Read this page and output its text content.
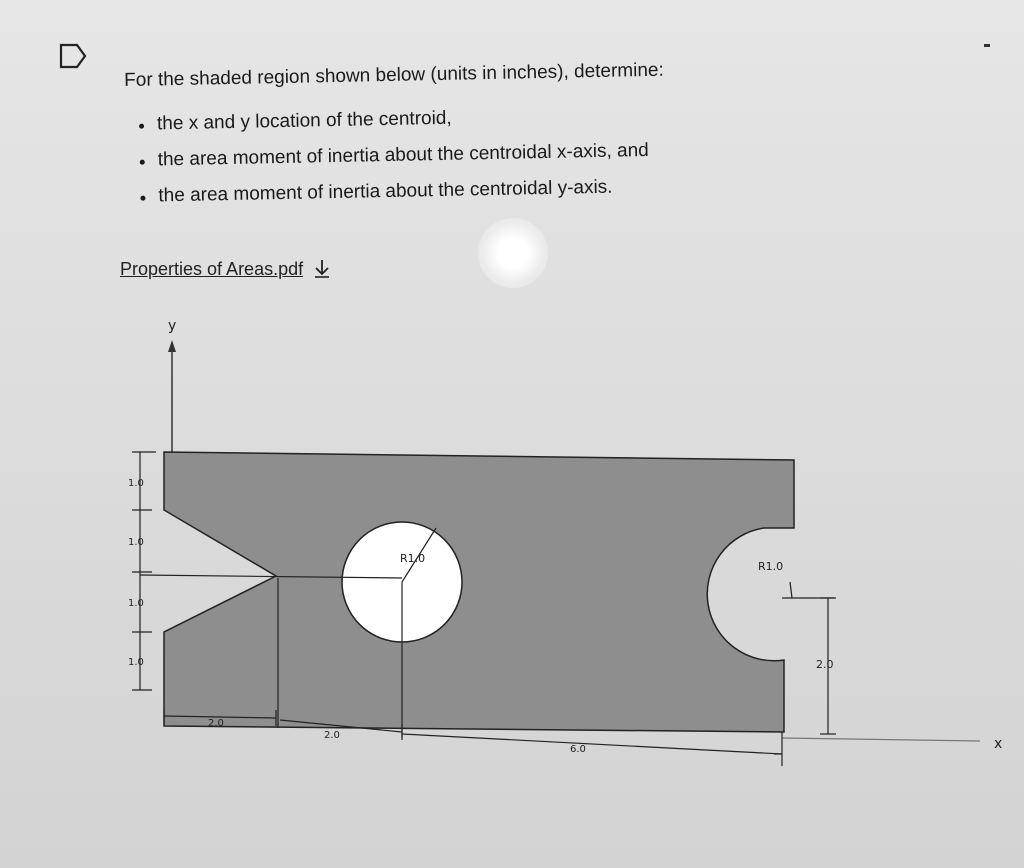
For the shaded region shown below (units in inches), determine:

the x and y location of the centroid,
the area moment of inertia about the centroidal x-axis, and
the area moment of inertia about the centroidal y-axis.
Properties of Areas.pdf
y
x
1.0
1.0
1.0
1.0
R1.0
R1.0
2.0
2.0
2.0
6.0
